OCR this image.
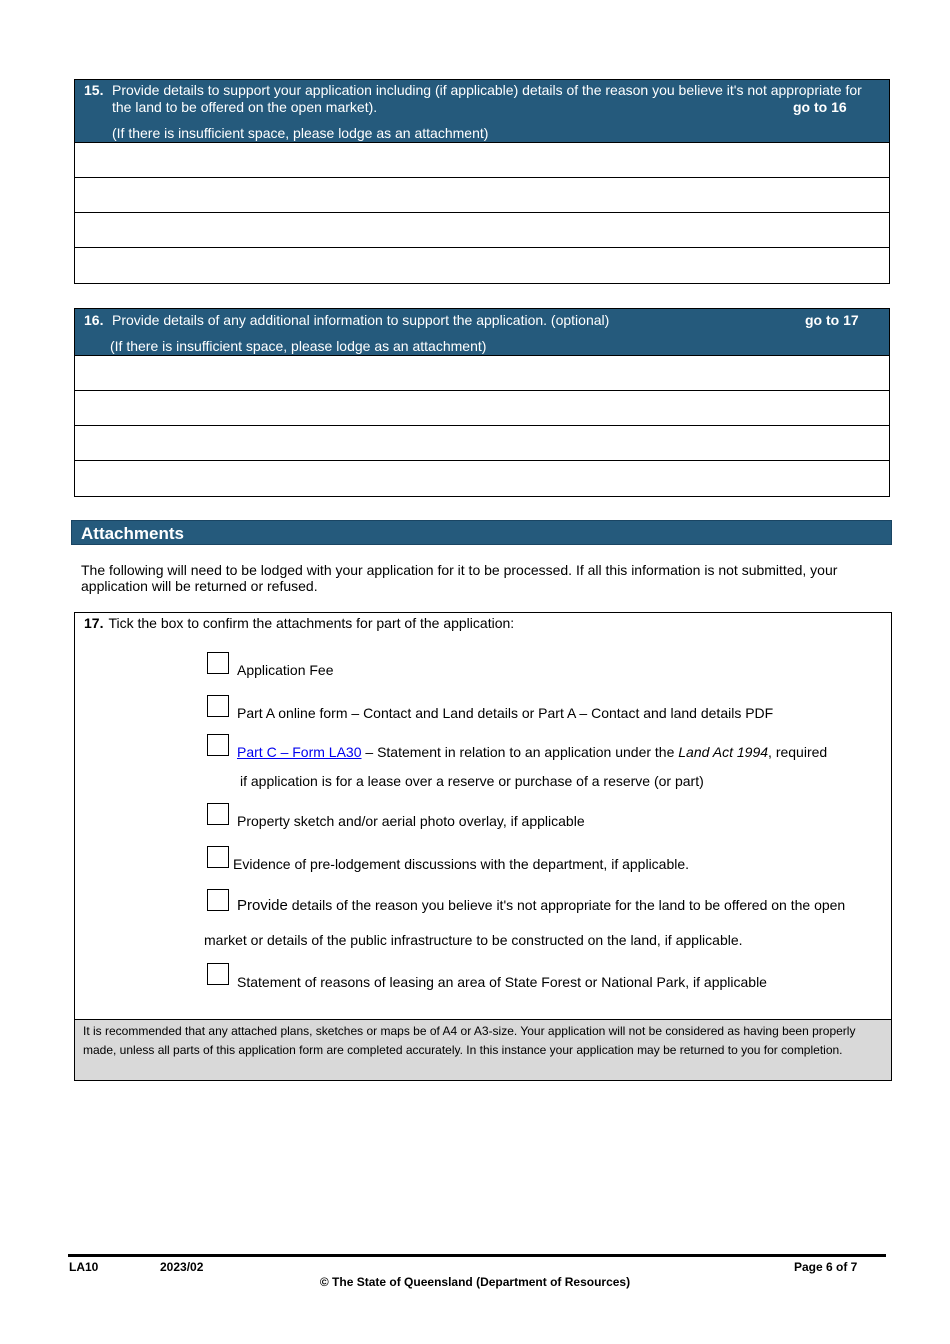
15. Provide details to support your application including (if applicable) details of the reason you believe it's not appropriate for
the land to be offered on the open market).	go to 16
(If there is insufficient space, please lodge as an attachment)
16. Provide details of any additional information to support the application. (optional)	go to 17
(If there is insufficient space, please lodge as an attachment)
Attachments
The following will need to be lodged with your application for it to be processed. If all this information is not submitted, your application will be returned or refused.
17. Tick the box to confirm the attachments for part of the application:
Application Fee
Part A online form – Contact and Land details or Part A – Contact and land details PDF
Part C – Form LA30 – Statement in relation to an application under the Land Act 1994, required
if application is for a lease over a reserve or purchase of a reserve (or part)
Property sketch and/or aerial photo overlay, if applicable
Evidence of pre-lodgement discussions with the department, if applicable.
Provide details of the reason you believe it's not appropriate for the land to be offered on the open
market or details of the public infrastructure to be constructed on the land, if applicable.
Statement of reasons of leasing an area of State Forest or National Park, if applicable
It is recommended that any attached plans, sketches or maps be of A4 or A3-size. Your application will not be considered as having been properly made, unless all parts of this application form are completed accurately. In this instance your application may be returned to you for completion.
LA10	2023/02	Page 6 of 7
© The State of Queensland (Department of Resources)
